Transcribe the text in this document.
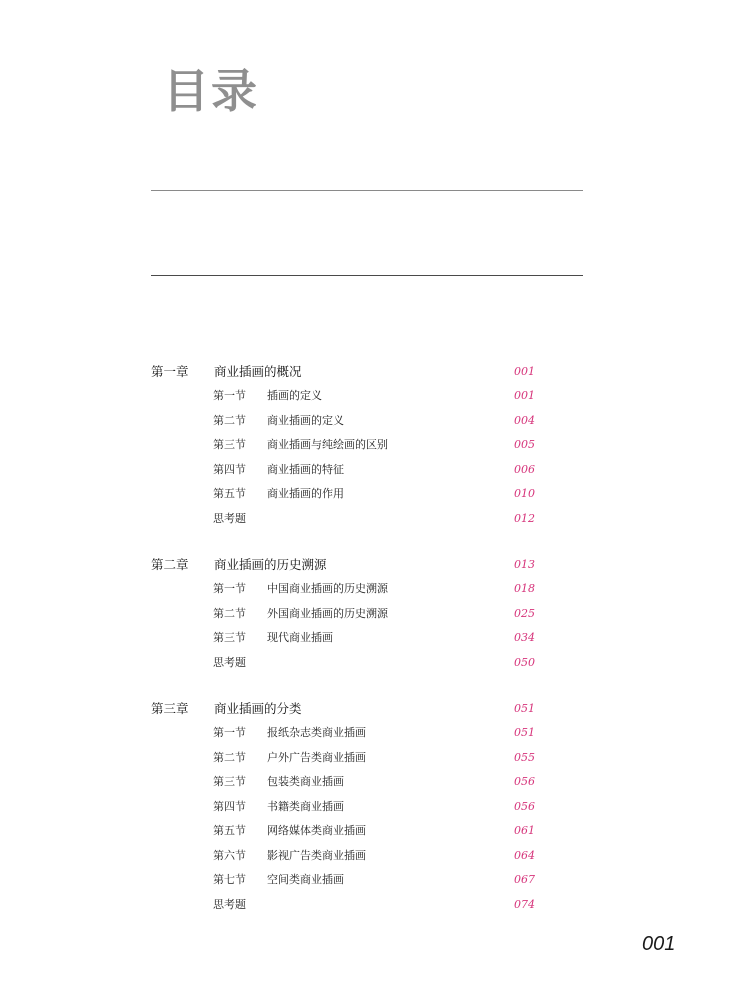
目录
第一章 商业插画的概况	001
第一节 插画的定义	001
第二节 商业插画的定义	004
第三节 商业插画与纯绘画的区别	005
第四节 商业插画的特征	006
第五节 商业插画的作用	010
思考题	012
第二章 商业插画的历史溯源	013
第一节 中国商业插画的历史溯源	018
第二节 外国商业插画的历史溯源	025
第三节 现代商业插画	034
思考题	050
第三章 商业插画的分类	051
第一节 报纸杂志类商业插画	051
第二节 户外广告类商业插画	055
第三节 包装类商业插画	056
第四节 书籍类商业插画	056
第五节 网络媒体类商业插画	061
第六节 影视广告类商业插画	064
第七节 空间类商业插画	067
思考题	074
001
